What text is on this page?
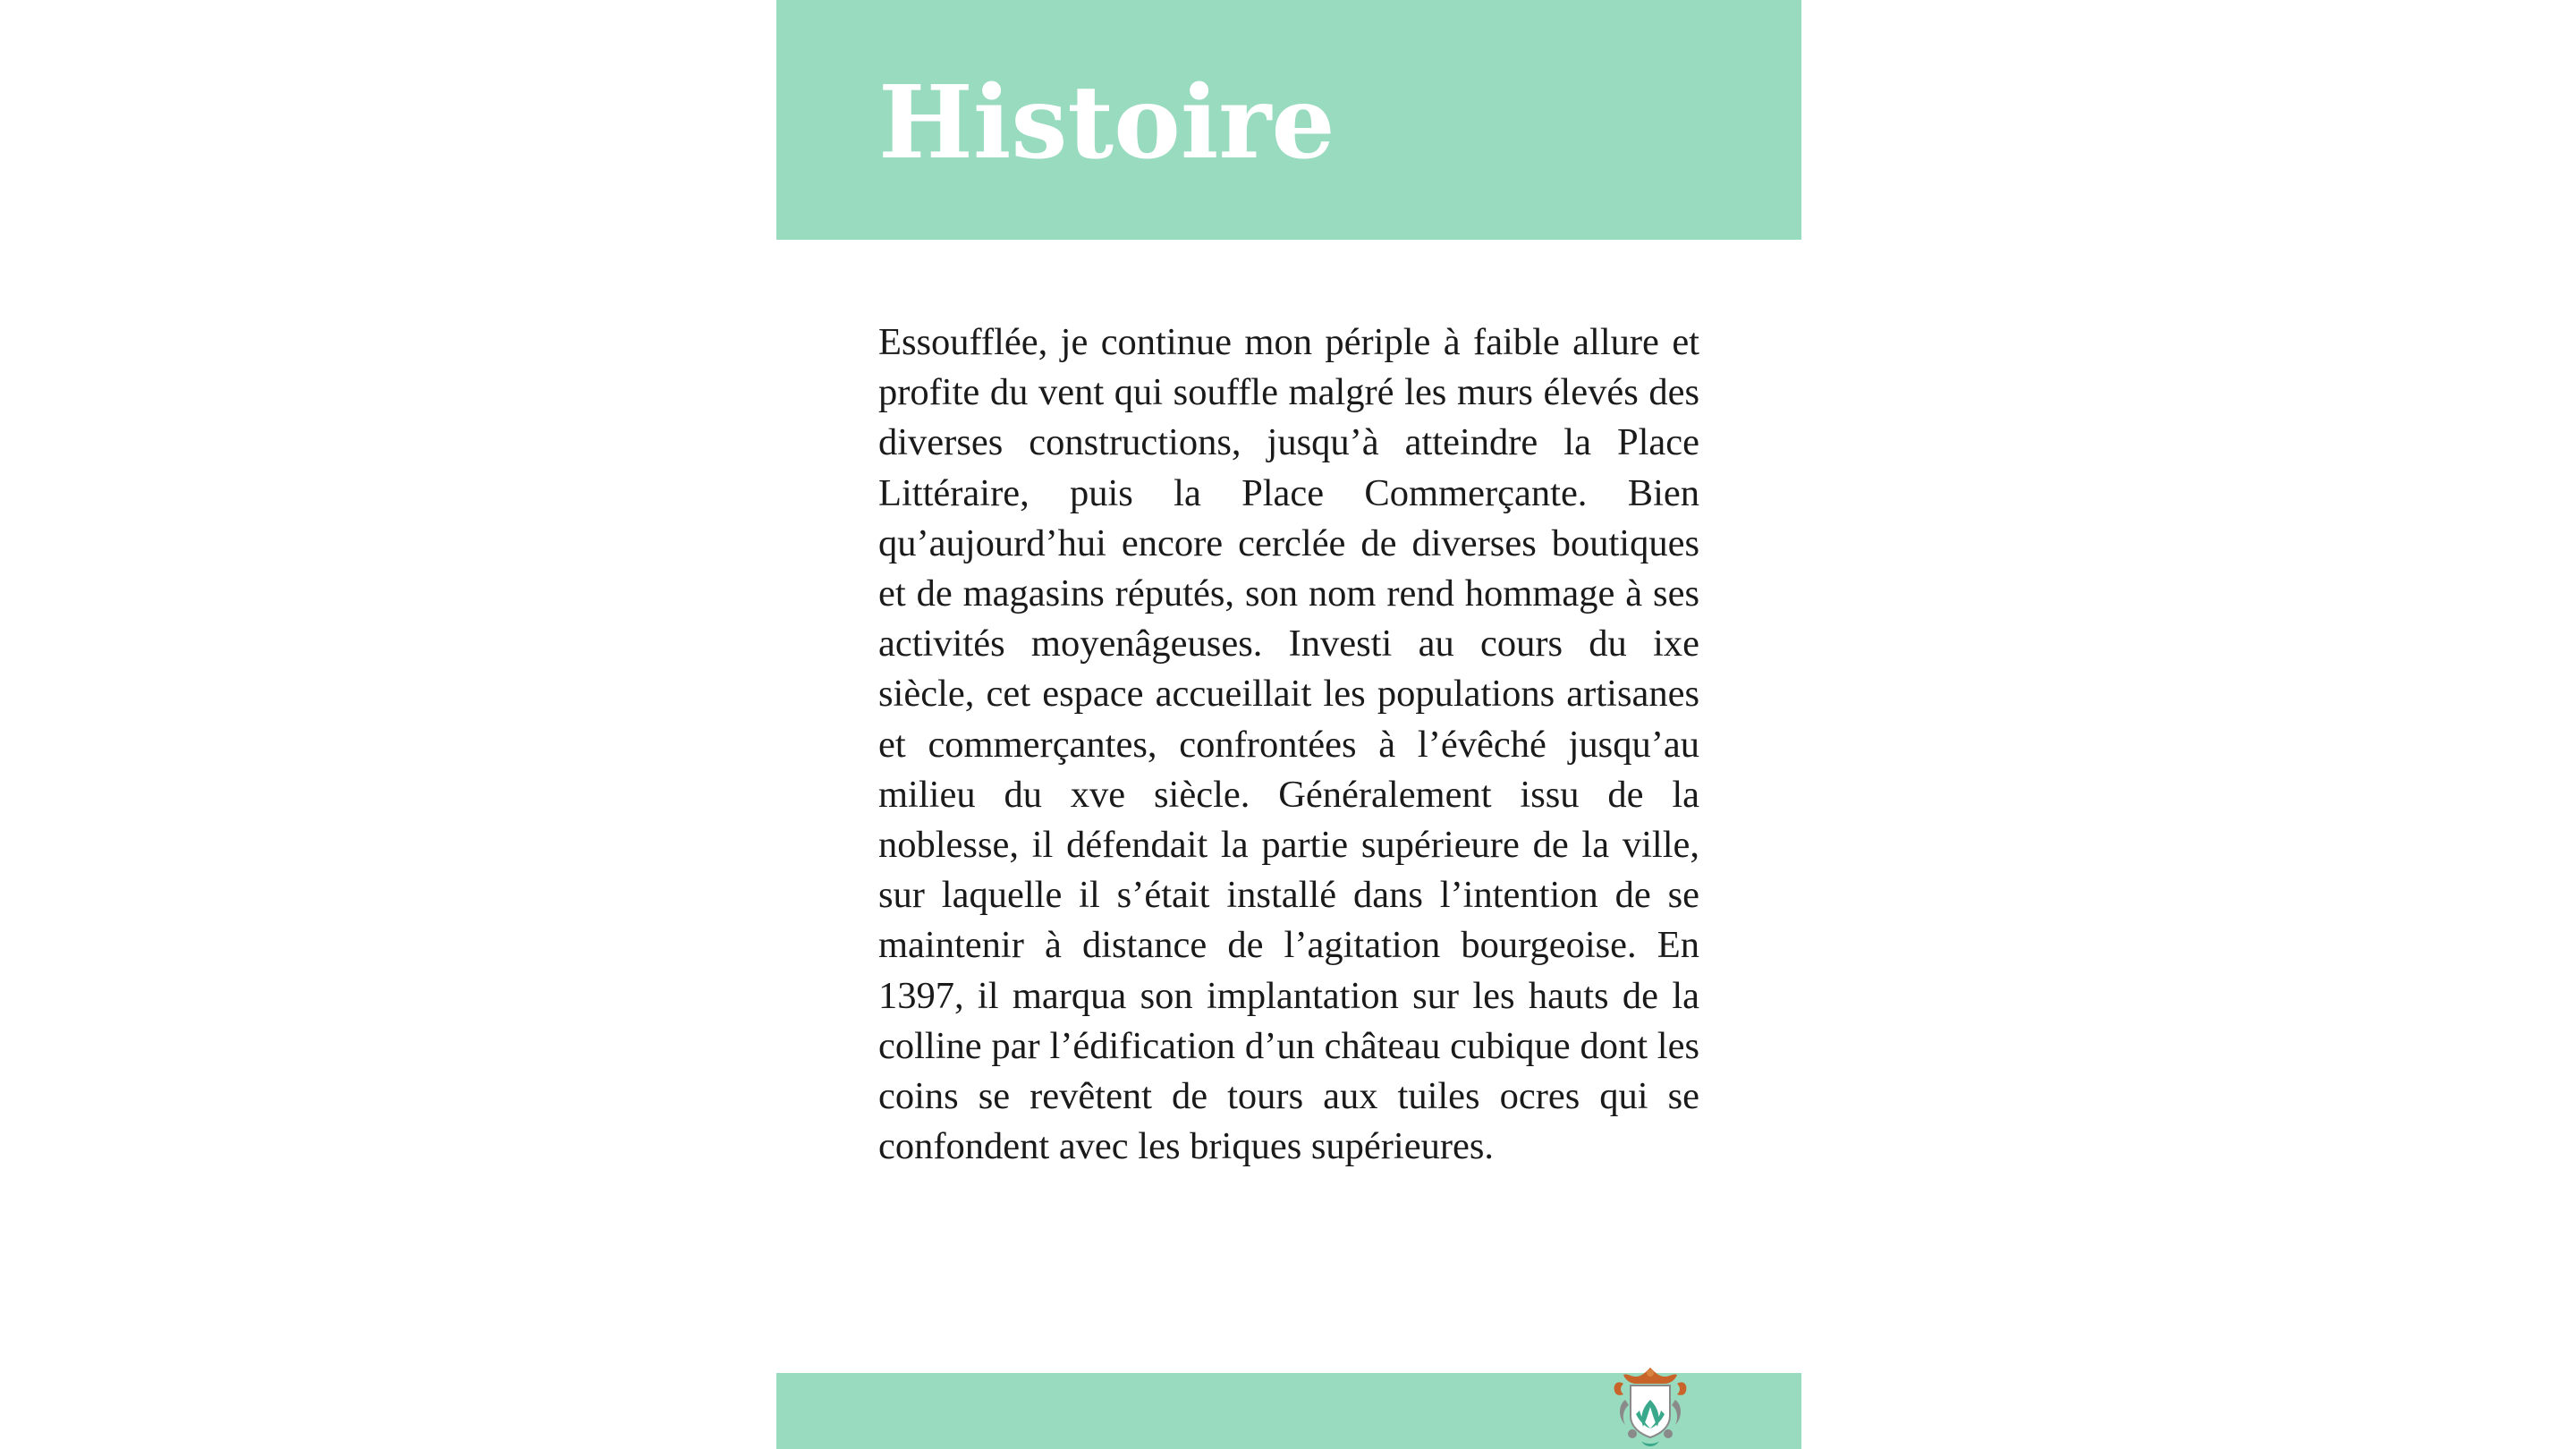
Histoire

Essoufflée, je continue mon périple à faible allure et profite du vent qui souffle malgré les murs élevés des diverses constructions, jusqu’à atteindre la Place Littéraire, puis la Place Commerçante. Bien qu’aujourd’hui encore cerclée de diverses boutiques et de magasins réputés, son nom rend hommage à ses activités moyenâgeuses. Investi au cours du ixe siècle, cet espace accueillait les populations artisanes et commerçantes, confrontées à l’évêché jusqu’au milieu du xve siècle. Généralement issu de la noblesse, il défendait la partie supérieure de la ville, sur laquelle il s’était installé dans l’intention de se maintenir à distance de l’agitation bourgeoise. En 1397, il marqua son implantation sur les hauts de la colline par l’édification d’un château cubique dont les coins se revêtent de tours aux tuiles ocres qui se confondent avec les briques supérieures.
